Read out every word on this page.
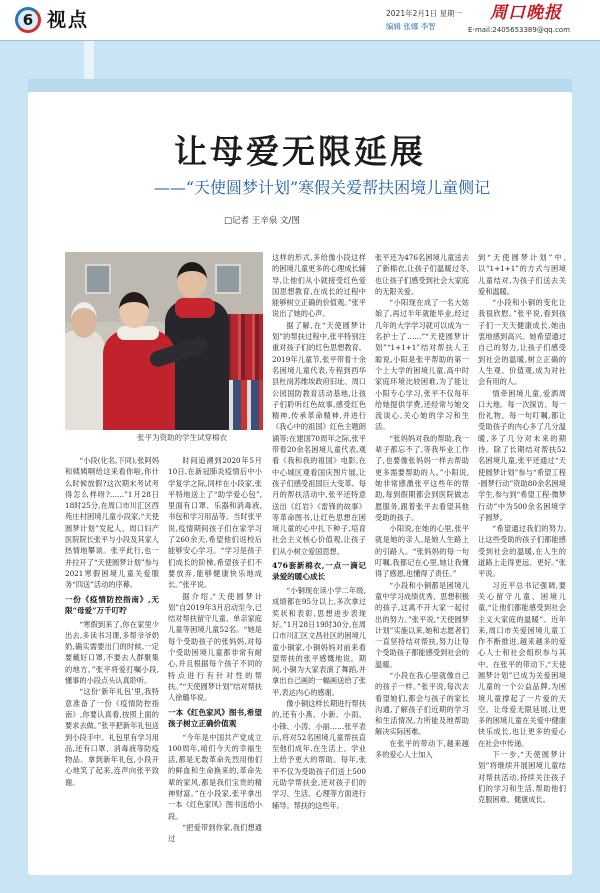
6 视点	2021年2月1日 星期一
编辑 张娜 李智
周口晚报
E-mail:2405653389@qq.com
让母爱无限延展
——“天使圆梦计划”寒假关爱帮扶困境儿童侧记
□记者 王辛泉 文/图
张平为资助的学生试穿棉衣

“小段(化名,下同),张阿妈和姨姨啊给这来看你啦,你什么时候放假?这次期末考试考得怎么样呀?……”1月28日18时25分,在周口市川汇区西苑庄村困境儿童小段家,“天使圆梦计划”发起人、周口妇产医院院长张平与小段及其家人热情地攀谈。张平此行,也一并拉开了“天使圆梦计划”参与2021寒假困境儿童关爱服务“四送”活动的序幕。

一份《疫情防控指南》,无限“母爱”万千叮咛

“寒假到来了,你在家里少出去,多读书习课,多帮爷爷奶奶,确实需要出门的时候,一定要戴好口罩,不要去人群聚集的地方。”张平将爱打嘱小段,懂事的小段点头认真聆听。

“这份‘新年礼包’里,我特意准备了一份《疫情防控指南》,你要认真看,按照上面的要求去做。”张平把新年礼包送到小段手中。礼包里有学习用品,还有口罩、消毒液等防疫物品。拿到新年礼包,小段开心地笑了起来,连声向张平致谢。

时间追溯到2020年5月10日,在新冠肺炎疫情后中小学复学之际,同样在小段家,张平特地送上了“助学爱心包”,里面有口罩、乐器和消毒液,书包和学习用品等。当时张平说,疫情期间孩子们在家学习了260余天,希望他们返校后能够安心学习。“学习是孩子们成长的阶梯,希望孩子们不要放弃,能够健康快乐地成长。”张平说。

据介绍,“天使圆梦计划”自2019年3月启动至今,已结对帮扶留守儿童、单亲家庭儿童等困境儿童52名。“她是每个受助孩子的张妈妈,对每个受助困境儿童都非常有耐心,并且根据每个孩子不同的特点进行有针对性的帮扶。”“天使圆梦计划”结对帮扶人徐璐华说。

一本《红色家风》图书,希望孩子树立正确价值观

“今年是中国共产党成立100周年,咱们今天的幸福生活,都是无数革命先烈用他们的鲜血和生命换来的,革命先辈的家风,都是我们宝贵的精神财富。”在小段家,张平拿出一本《红色家风》图书送给小段。

“把爱带到你家,我们想通过

这样的形式,多给像小段这样的困境儿童更多的心理成长辅导,让他们从小就接受红色爱国思想教育,在成长的过程中能够树立正确的价值观。”张平说出了她的心声。

据了解,在“天使圆梦计划”的帮扶过程中,张平特别注重对孩子们的红色思想教育。2019年儿童节,张平带着十余名困境儿童代表,专程到西华县杜岗苏维埃政府旧址、周口公园国防教育活动基地,让孩子们聆听红色故事,感受红色精神,传承革命精神,并进行《我心中的祖国》红色主题朗诵等;在建国70周年之际,张平带着20余名困境儿童代表,观看《我和我的祖国》电影,在中心城区观看国庆图片展,让孩子们感受祖国巨大变革。每月的帮扶活动中,张平还特意送出《红岩》《雷锋的故事》等革命图书,让红色思想在困境儿童的心中扎下种子,培育社会主义核心价值观,让孩子们从小树立爱国思想。

476套新棉衣,一点一滴记录爱的暖心成长

“小铜现在读小学二年级,成绩都在95分以上,多次拿过奖状和表彰,思想进步表现好。”1月28日19时30分,在周口市川汇区文昌社区的困境儿童小铜家,小铜妈妈对前来看望帮扶的张平感慨地说。期间,小铜为大家表演了舞蹈,并拿出自己画的一幅画送给了张平,表达内心的感谢。

像小铜这样长期进行帮扶的,还有小燕、小新、小雨、小锋、小涛、小丽……张平表示,将对52名困境儿童帮扶直至他们成年,在生活上、学业上给予更大的帮助。每年,张平不仅为受助孩子们送上500元助学帮扶金,还对孩子们的学习、生活、心理等方面进行辅导。帮扶的这些年,

张平还为476名困境儿童送去了新棉衣,让孩子们温暖过冬,也让孩子们感受到社会大家庭的无限关爱。

“小阳现在成了一名大姑娘了,再过半年就能毕业,经过几年的大学学习就可以成为一名护士了……”“天使圆梦计划”“1+1+1”结对帮扶人王聪说,小阳是张平帮助的第一个上大学的困境儿童,高中时家庭环境比较困难,为了能让小阳专心学习,张平不仅每年给她提供学费,还经常与她交流谈心,关心她的学习和生活。

“张妈妈对我的帮助,我一辈子都忘不了,等我毕业工作了,也要像张妈妈一样去帮助更多需要帮助的人。”小阳说,她非常感激张平这些年的帮助,每到假期都会到医院做志愿服务,跟着张平去看望其他受助的孩子。

小阳说,在她的心里,张平就是她的亲人,是她人生路上的引路人。“张妈妈的每一句叮嘱,我都记在心里,她让我懂得了感恩,也懂得了责任。”

“小段和小铜都是困境儿童中学习成绩优秀、思想积极的孩子,这离不开大家一起付出的努力。”张平说,“天使圆梦计划”实施以来,她和志愿者们一直坚持结对帮扶,努力让每个受助孩子都能感受到社会的温暖。

“小段在我心里就像自己的孩子一样。”张平说,每次去看望她们,都会与孩子的家长沟通,了解孩子们近期的学习和生活情况,力所能及地帮助解决实际困难。

在张平的带动下,越来越多的爱心人士加入

到“天使圆梦计划”中,以“1+1+1”的方式与困境儿童结对,为孩子们送去关爱和温暖。

“小段和小铜的变化让我很欣慰。”张平说,看到孩子们一天天健康成长,她由衷地感到高兴。她希望通过自己的努力,让孩子们感受到社会的温暖,树立正确的人生观、价值观,成为对社会有用的人。

情牵困境儿童,爱洒周口大地。每一次探访、每一份礼物、每一句叮嘱,都让受助孩子的内心多了几分温暖,多了几分对未来的期待。除了长期结对帮扶52名困境儿童,张平还通过“天使圆梦计划”参与“希望工程·圆梦行动”资助80余名困境学生,参与到“希望工程·微梦行动”中为500余名困境学子圆梦。

“希望通过我们的努力,让这些受助的孩子们都能感受到社会的温暖,在人生的道路上走得更远、更好。”张平说。

习近平总书记强调,要关心留守儿童、困境儿童,“让他们都能感受到社会主义大家庭的温暖”。近年来,周口市关爱困境儿童工作不断推进,越来越多的爱心人士和社会组织参与其中。在张平的带动下,“天使圆梦计划”已成为关爱困境儿童的一个公益品牌,为困境儿童撑起了一片爱的天空。让母爱无限延展,让更多的困境儿童在关爱中健康快乐成长,也让更多的爱心在社会中传递。

下一步,“天使圆梦计划”将继续开展困境儿童结对帮扶活动,持续关注孩子们的学习和生活,帮助他们克服困难、健康成长。
